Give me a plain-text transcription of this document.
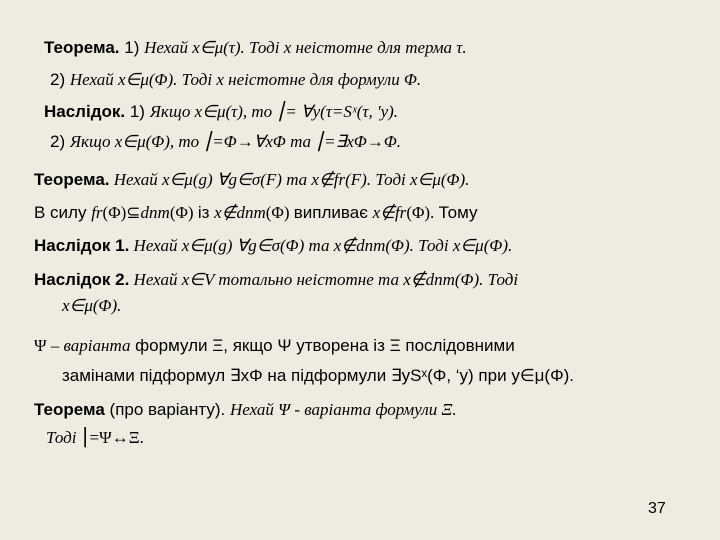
Теорема. 1) Нехай x∈μ(τ). Тоді x неістотне для терма τ.
2) Нехай x∈μ(Φ). Тоді x неістотне для формули Φ.
Наслідок. 1) Якщо x∈μ(τ), то ⎮= ∀y(τ=Sˣ(τ, 'y).
2) Якщо x∈μ(Φ), то ⎮=Φ→∀xΦ та ⎮=∃xΦ→Φ.
Теорема. Нехай x∈μ(g) ∀g∈σ(F) та x∉fr(F). Тоді x∈μ(Φ).
В силу fr(Φ)⊆dnm(Φ) із x∉dnm(Φ) випливає x∉fr(Φ). Тому
Наслідок 1. Нехай x∈μ(g) ∀g∈σ(Φ) та x∉dnm(Φ). Тоді x∈μ(Φ).
Наслідок 2. Нехай x∈V тотально неістотне та x∉dnm(Φ). Тоді
x∈μ(Φ).
Ψ – варіанта формули Ξ, якщо Ψ утворена із Ξ послідовними
замінами підформул ∃xΦ на підформули ∃ySˣ(Φ, ‘y) при y∈μ(Φ).
Теорема (про варіанту). Нехай Ψ - варіанта формули Ξ.
Тоді ⎮=Ψ↔Ξ.
37
